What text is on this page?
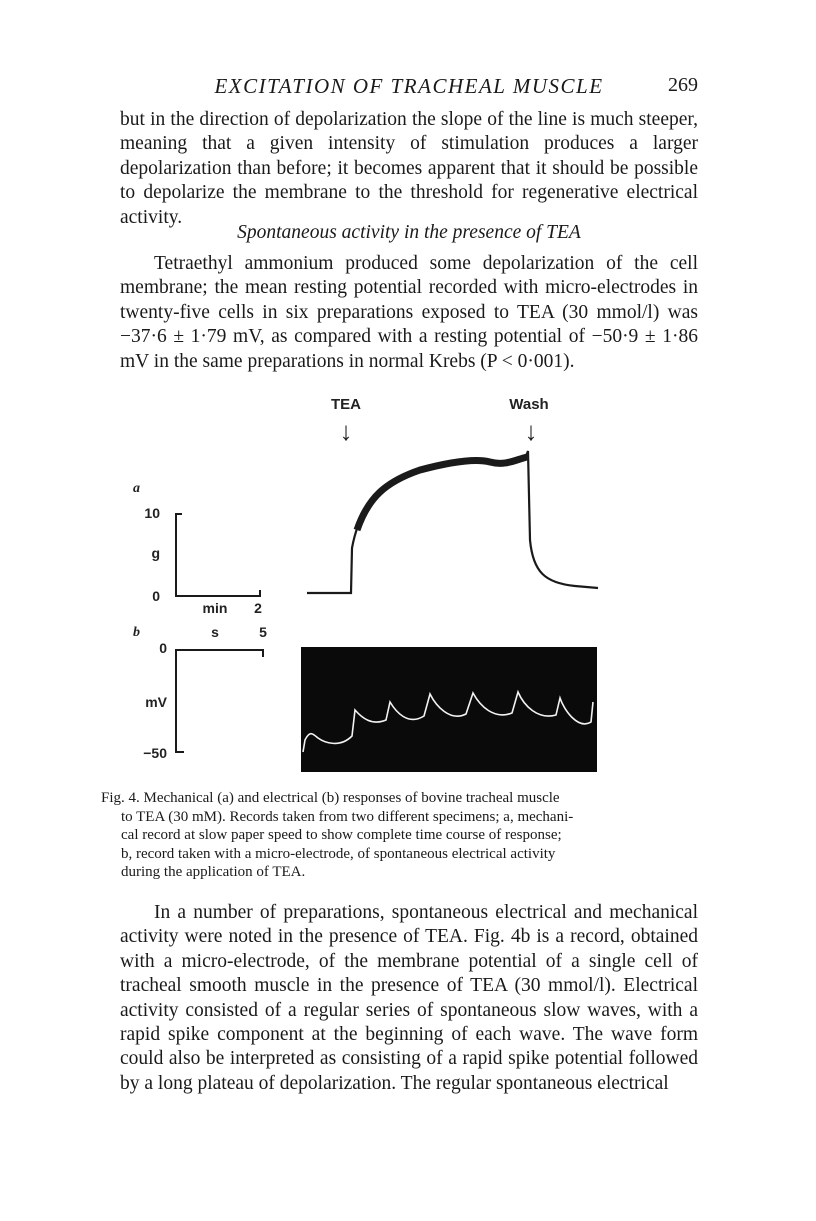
EXCITATION OF TRACHEAL MUSCLE	269

but in the direction of depolarization the slope of the line is much steeper, meaning that a given intensity of stimulation produces a larger depolarization than before; it becomes apparent that it should be possible to depolarize the membrane to the threshold for regenerative electrical activity.

Spontaneous activity in the presence of TEA

Tetraethyl ammonium produced some depolarization of the cell membrane; the mean resting potential recorded with micro-electrodes in twenty-five cells in six preparations exposed to TEA (30 mmol/l) was −37·6 ± 1·79 mV, as compared with a resting potential of −50·9 ± 1·86 mV in the same preparations in normal Krebs (P < 0·001).

TEA
↓
Wash
↓
a
10
g
0
min 2
b	s	5
0
mV
−50
Fig. 4. Mechanical (a) and electrical (b) responses of bovine tracheal muscle
to TEA (30 mM). Records taken from two different specimens; a, mechani-
cal record at slow paper speed to show complete time course of response;
b, record taken with a micro-electrode, of spontaneous electrical activity
during the application of TEA.

In a number of preparations, spontaneous electrical and mechanical activity were noted in the presence of TEA. Fig. 4b is a record, obtained with a micro-electrode, of the membrane potential of a single cell of tracheal smooth muscle in the presence of TEA (30 mmol/l). Electrical activity consisted of a regular series of spontaneous slow waves, with a rapid spike component at the beginning of each wave. The wave form could also be interpreted as consisting of a rapid spike potential followed by a long plateau of depolarization. The regular spontaneous electrical
